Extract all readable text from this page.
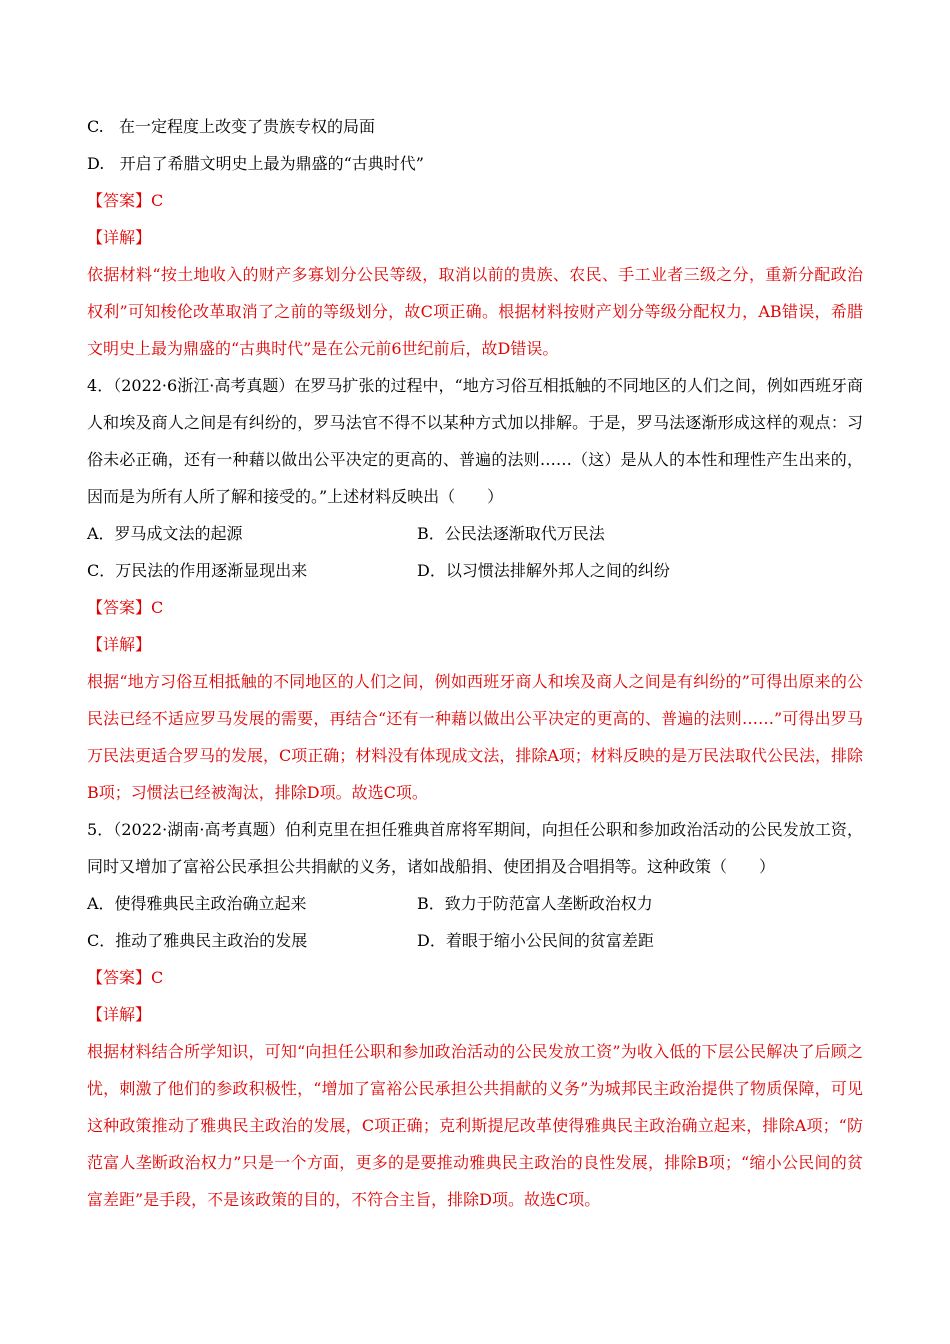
C.   在一定程度上改变了贵族专权的局面
D.   开启了希腊文明史上最为鼎盛的“古典时代”
【答案】C
【详解】
依据材料“按土地收入的财产多寡划分公民等级，取消以前的贵族、农民、手工业者三级之分，重新分配政治权利”可知梭伦改革取消了之前的等级划分，故C项正确。根据材料按财产划分等级分配权力，AB错误，希腊文明史上最为鼎盛的“古典时代”是在公元前6世纪前后，故D错误。
4．（2022·6浙江·高考真题）在罗马扩张的过程中，“地方习俗互相抵触的不同地区的人们之间，例如西班牙商人和埃及商人之间是有纠纷的，罗马法官不得不以某种方式加以排解。于是，罗马法逐渐形成这样的观点：习俗未必正确，还有一种藉以做出公平决定的更高的、普遍的法则……（这）是从人的本性和理性产生出来的，因而是为所有人所了解和接受的。”上述材料反映出（　　）
A．罗马成文法的起源	B．公民法逐渐取代万民法
C．万民法的作用逐渐显现出来	D．以习惯法排解外邦人之间的纠纷
【答案】C
【详解】
根据“地方习俗互相抵触的不同地区的人们之间，例如西班牙商人和埃及商人之间是有纠纷的”可得出原来的公民法已经不适应罗马发展的需要，再结合“还有一种藉以做出公平决定的更高的、普遍的法则……”可得出罗马万民法更适合罗马的发展，C项正确；材料没有体现成文法，排除A项；材料反映的是万民法取代公民法，排除B项；习惯法已经被淘汰，排除D项。故选C项。
5．（2022·湖南·高考真题）伯利克里在担任雅典首席将军期间，向担任公职和参加政治活动的公民发放工资，同时又增加了富裕公民承担公共捐献的义务，诸如战船捐、使团捐及合唱捐等。这种政策（　　）
A．使得雅典民主政治确立起来	B．致力于防范富人垄断政治权力
C．推动了雅典民主政治的发展	D．着眼于缩小公民间的贫富差距
【答案】C
【详解】
根据材料结合所学知识，可知“向担任公职和参加政治活动的公民发放工资”为收入低的下层公民解决了后顾之忧，刺激了他们的参政积极性，“增加了富裕公民承担公共捐献的义务”为城邦民主政治提供了物质保障，可见这种政策推动了雅典民主政治的发展，C项正确；克利斯提尼改革使得雅典民主政治确立起来，排除A项；“防范富人垄断政治权力”只是一个方面，更多的是要推动雅典民主政治的良性发展，排除B项；“缩小公民间的贫富差距”是手段，不是该政策的目的，不符合主旨，排除D项。故选C项。
